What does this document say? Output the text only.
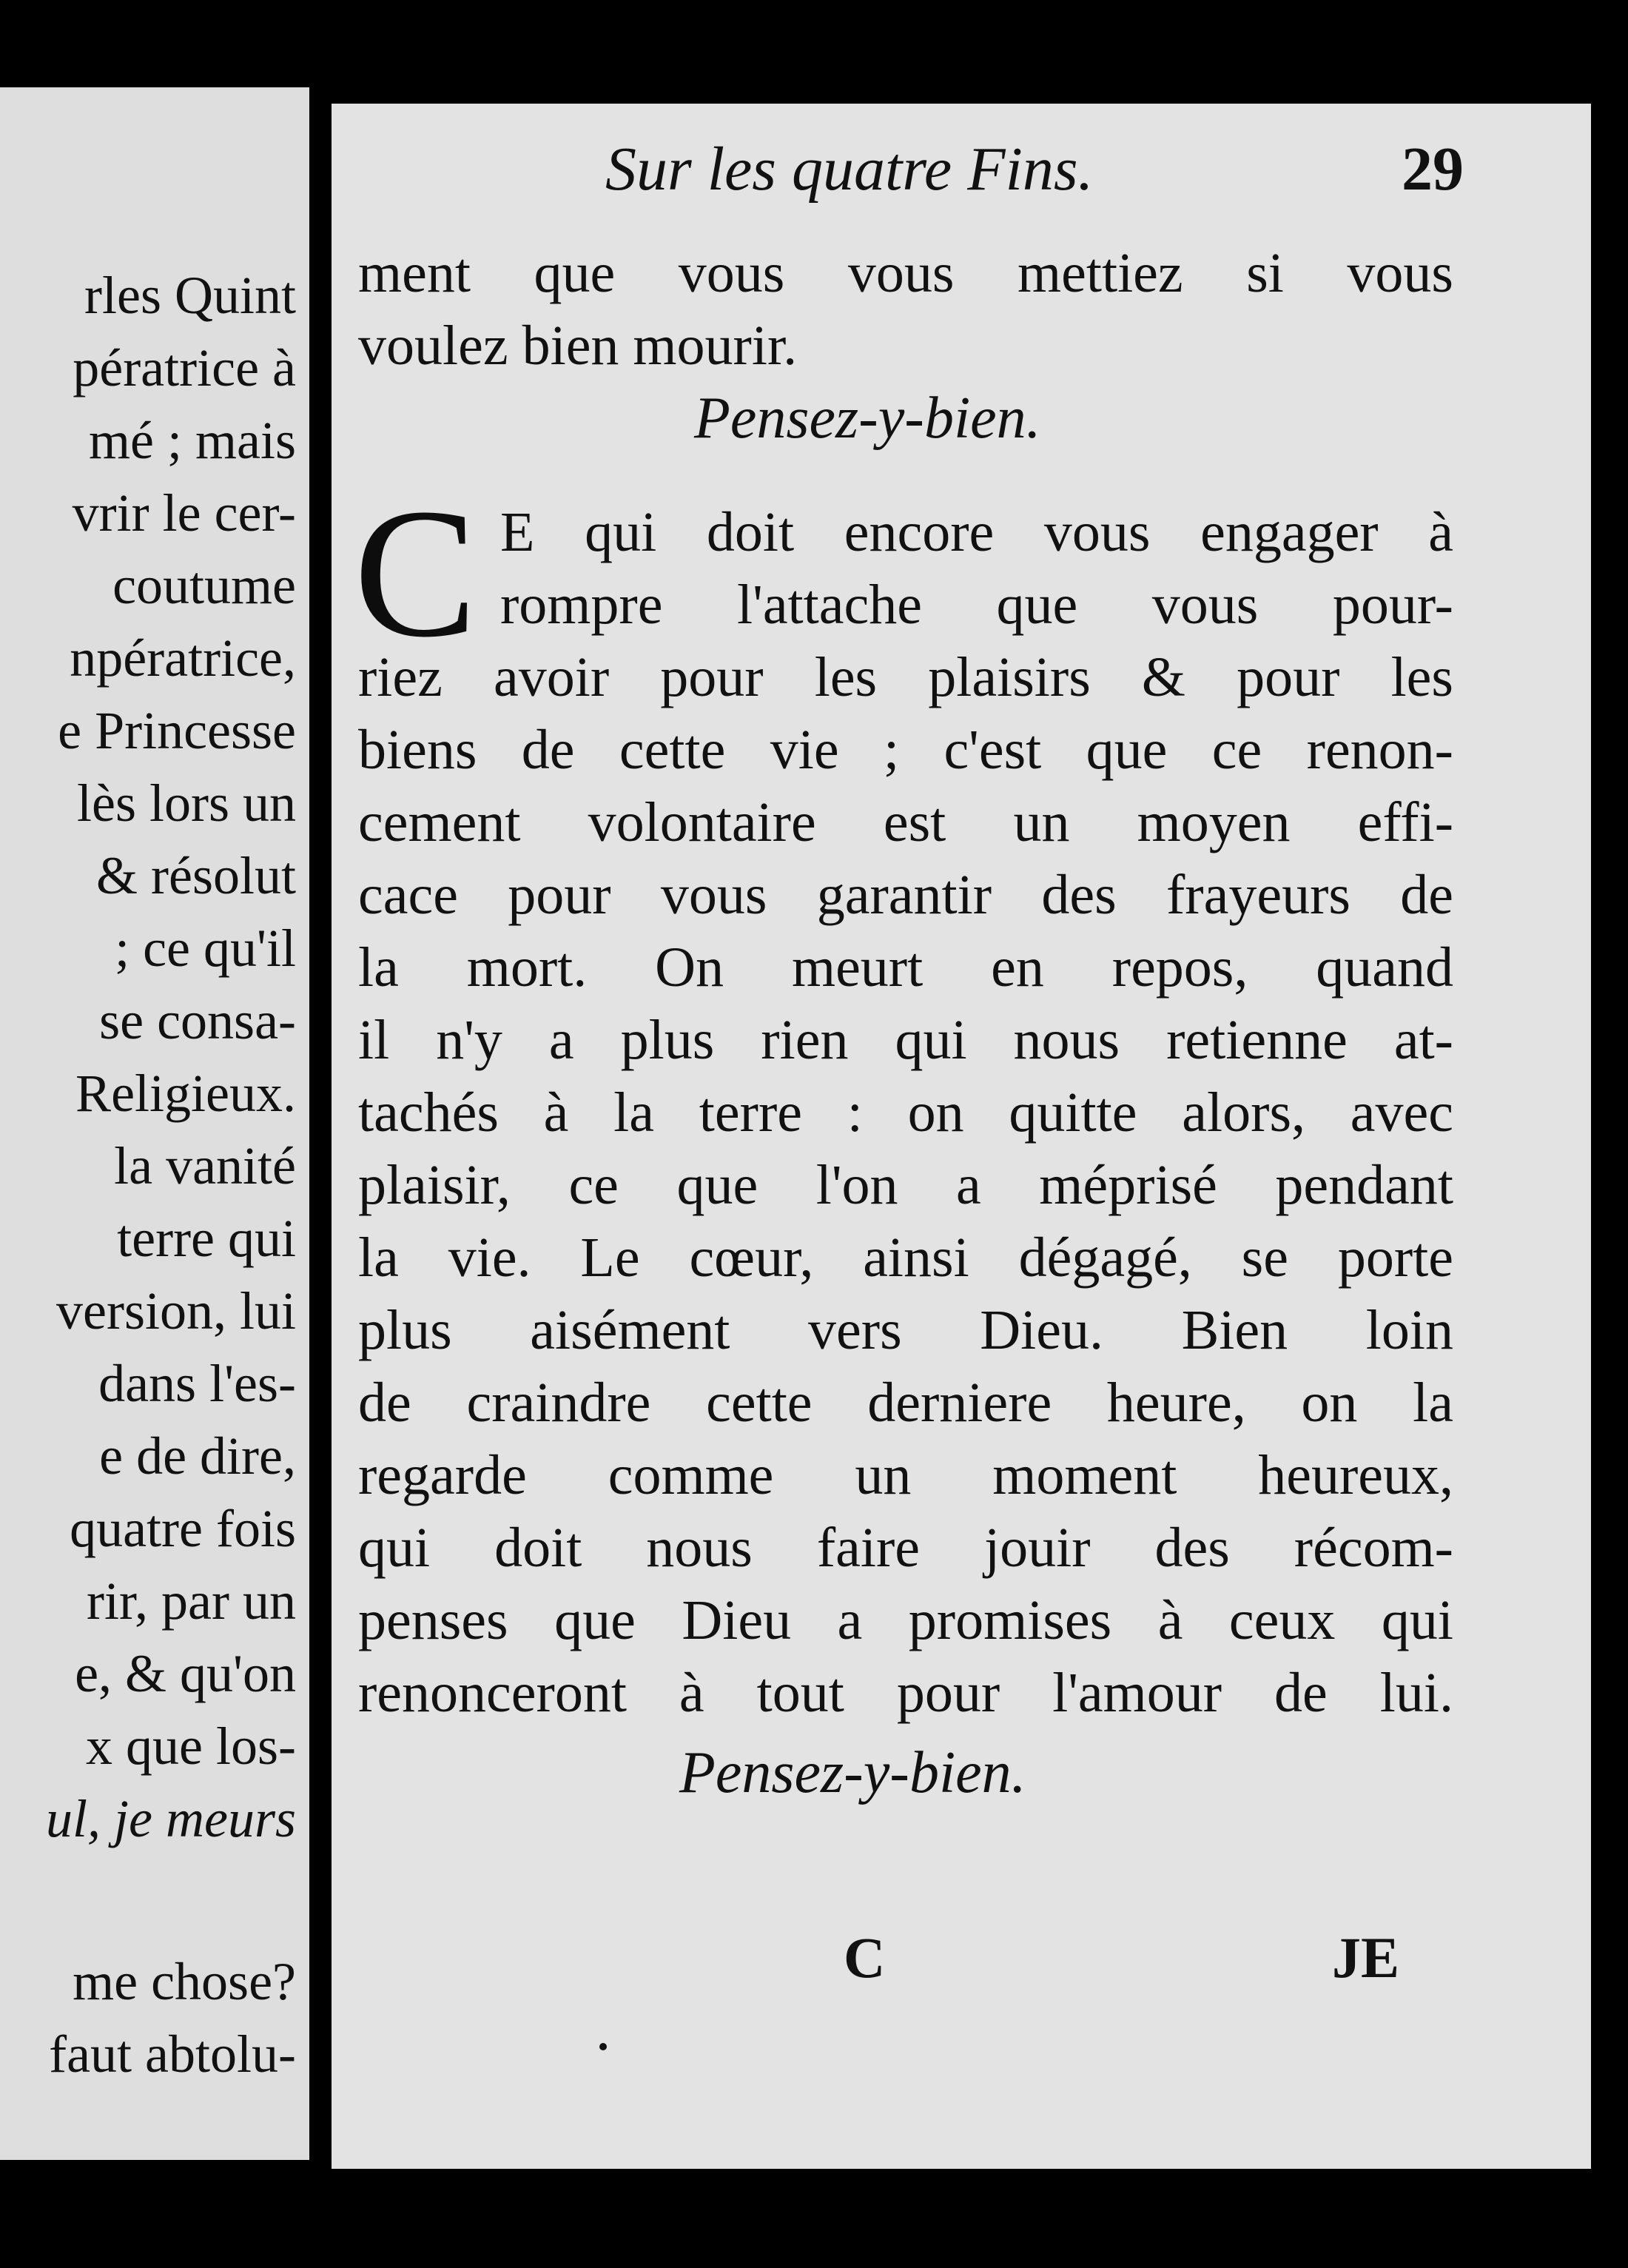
rles Quint
pératrice à
mé ; mais
vrir le cer-
coutume
npératrice,
e Princesse
lès lors un
& résolut
; ce qu'il
se consa-
Religieux.
la vanité
terre qui
version, lui
dans l'es-
e de dire,
quatre fois
rir, par un
e, & qu'on
x que los-
ul, je meurs
me chose?
faut abtolu-
Sur les quatre Fins.	29
ment que vous vous mettiez si vous
voulez bien mourir.
Pensez-y-bien.
C E qui doit encore vous engager à
rompre l'attache que vous pour-
riez avoir pour les plaisirs & pour les
biens de cette vie ; c'est que ce renon-
cement volontaire est un moyen effi-
cace pour vous garantir des frayeurs de
la mort. On meurt en repos, quand
il n'y a plus rien qui nous retienne at-
tachés à la terre : on quitte alors, avec
plaisir, ce que l'on a méprisé pendant
la vie. Le cœur, ainsi dégagé, se porte
plus aisément vers Dieu. Bien loin
de craindre cette derniere heure, on la
regarde comme un moment heureux,
qui doit nous faire jouir des récom-
penses que Dieu a promises à ceux qui
renonceront à tout pour l'amour de lui.
Pensez-y-bien.
C	JE
